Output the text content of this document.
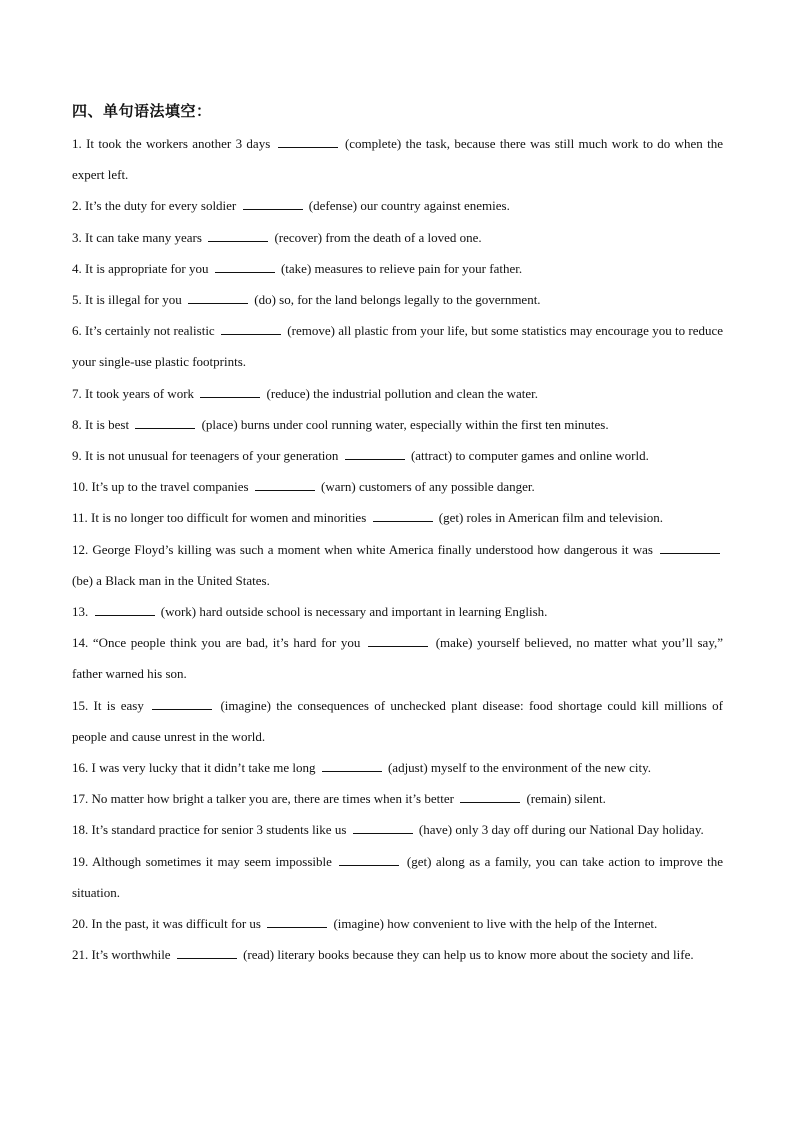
四、单句语法填空：

1. It took the workers another 3 days	(complete) the task, because there was still much work to do when the expert left.

2. It’s the duty for every soldier	(defense) our country against enemies.

3. It can take many years	(recover) from the death of a loved one.

4. It is appropriate for you	(take) measures to relieve pain for your father.

5. It is illegal for you	(do) so, for the land belongs legally to the government.

6. It’s certainly not realistic	(remove) all plastic from your life, but some statistics may encourage you to reduce your single-use plastic footprints.

7. It took years of work	(reduce) the industrial pollution and clean the water.

8. It is best	(place) burns under cool running water, especially within the first ten minutes.

9. It is not unusual for teenagers of your generation	(attract) to computer games and online world.

10. It’s up to the travel companies	(warn) customers of any possible danger.

11. It is no longer too difficult for women and minorities	(get) roles in American film and television.

12. George Floyd’s killing was such a moment when white America finally understood how dangerous it was  (be) a Black man in the United States.

13.	(work) hard outside school is necessary and important in learning English.

14. “Once people think you are bad, it’s hard for you	(make) yourself believed, no matter what you’ll say,” father warned his son.

15. It is easy	(imagine) the consequences of unchecked plant disease: food shortage could kill millions of people and cause unrest in the world.

16. I was very lucky that it didn’t take me long	(adjust) myself to the environment of the new city.

17. No matter how bright a talker you are, there are times when it’s better	(remain) silent.

18. It’s standard practice for senior 3 students like us	(have) only 3 day off during our National Day holiday.

19. Although sometimes it may seem impossible	(get) along as a family, you can take action to improve the situation.

20. In the past, it was difficult for us	(imagine) how convenient to live with the help of the Internet.

21. It’s worthwhile	(read) literary books because they can help us to know more about the society and life.
